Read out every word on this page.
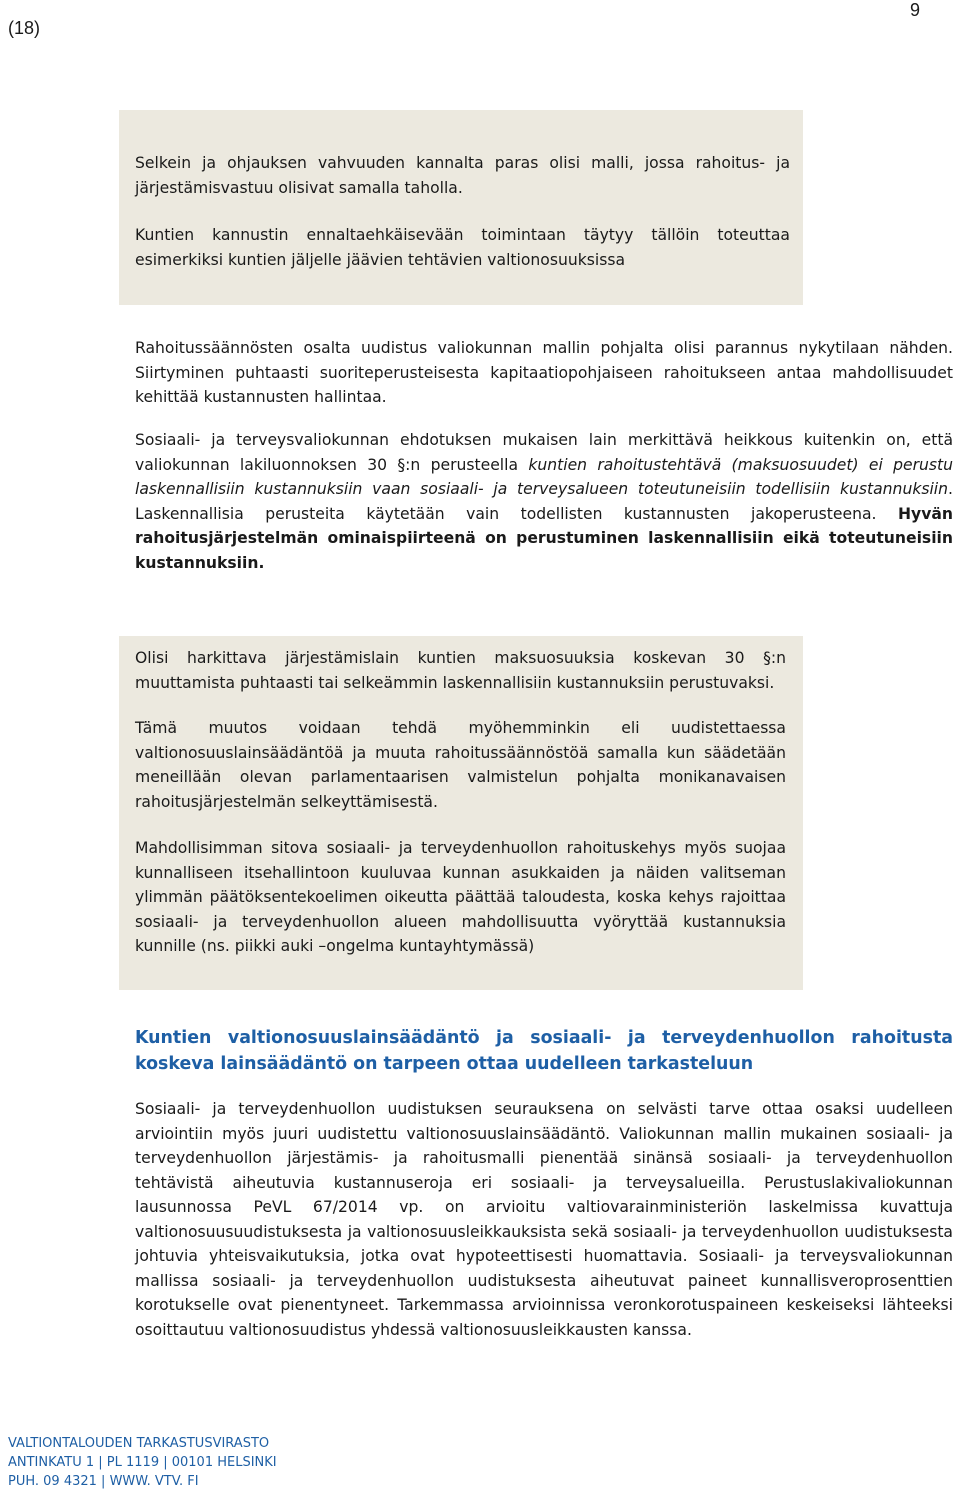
(18)
9

Selkein ja ohjauksen vahvuuden kannalta paras olisi malli, jossa rahoitus- ja järjestämisvastuu olisivat samalla taholla.

Kuntien kannustin ennaltaehkäisevään toimintaan täytyy tällöin toteuttaa esimerkiksi kuntien jäljelle jäävien tehtävien valtionosuuksissa

Rahoitussäännösten osalta uudistus valiokunnan mallin pohjalta olisi parannus nykytilaan nähden. Siirtyminen puhtaasti suoriteperusteisesta kapitaatiopohjaiseen rahoitukseen antaa mahdollisuudet kehittää kustannusten hallintaa.

Sosiaali- ja terveysvaliokunnan ehdotuksen mukaisen lain merkittävä heikkous kuitenkin on, että valiokunnan lakiluonnoksen 30 §:n perusteella kuntien rahoitustehtävä (maksuosuudet) ei perustu laskennallisiin kustannuksiin vaan sosiaali- ja terveysalueen toteutuneisiin todellisiin kustannuksiin. Laskennallisia perusteita käytetään vain todellisten kustannusten jakoperusteena. Hyvän rahoitusjärjestelmän ominaispiirteenä on perustuminen laskennallisiin eikä toteutuneisiin kustannuksiin.

Olisi harkittava järjestämislain kuntien maksuosuuksia koskevan 30 §:n muuttamista puhtaasti tai selkeämmin laskennallisiin kustannuksiin perustuvaksi.

Tämä muutos voidaan tehdä myöhemminkin eli uudistettaessa valtionosuuslainsäädäntöä ja muuta rahoitussäännöstöä samalla kun säädetään meneillään olevan parlamentaarisen valmistelun pohjalta monikanavaisen rahoitusjärjestelmän selkeyttämisestä.

Mahdollisimman sitova sosiaali- ja terveydenhuollon rahoituskehys myös suojaa kunnalliseen itsehallintoon kuuluvaa kunnan asukkaiden ja näiden valitseman ylimmän päätöksentekoelimen oikeutta päättää taloudesta, koska kehys rajoittaa sosiaali- ja terveydenhuollon alueen mahdollisuutta vyöryttää kustannuksia kunnille (ns. piikki auki –ongelma kuntayhtymässä)

Kuntien valtionosuuslainsäädäntö ja sosiaali- ja terveydenhuollon rahoitusta koskeva lainsäädäntö on tarpeen ottaa uudelleen tarkasteluun

Sosiaali- ja terveydenhuollon uudistuksen seurauksena on selvästi tarve ottaa osaksi uudelleen arviointiin myös juuri uudistettu valtionosuuslainsäädäntö. Valiokunnan mallin mukainen sosiaali- ja terveydenhuollon järjestämis- ja rahoitusmalli pienentää sinänsä sosiaali- ja terveydenhuollon tehtävistä aiheutuvia kustannuseroja eri sosiaali- ja terveysalueilla. Perustuslakivaliokunnan lausunnossa PeVL 67/2014 vp. on arvioitu valtiovarainministeriön laskelmissa kuvattuja valtionosuusuudistuksesta ja valtionosuusleikkauksista sekä sosiaali- ja terveydenhuollon uudistuksesta johtuvia yhteisvaikutuksia, jotka ovat hypoteettisesti huomattavia. Sosiaali- ja terveysvaliokunnan mallissa sosiaali- ja terveydenhuollon uudistuksesta aiheutuvat paineet kunnallisveroprosenttien korotukselle ovat pienentyneet. Tarkemmassa arvioinnissa veronkorotuspaineen keskeiseksi lähteeksi osoittautuu valtionosuudistus yhdessä valtionosuusleikkausten kanssa.

VALTIONTALOUDEN TARKASTUSVIRASTO
ANTINKATU 1 | PL 1119 | 00101 HELSINKI
PUH. 09 4321 | WWW. VTV. FI
